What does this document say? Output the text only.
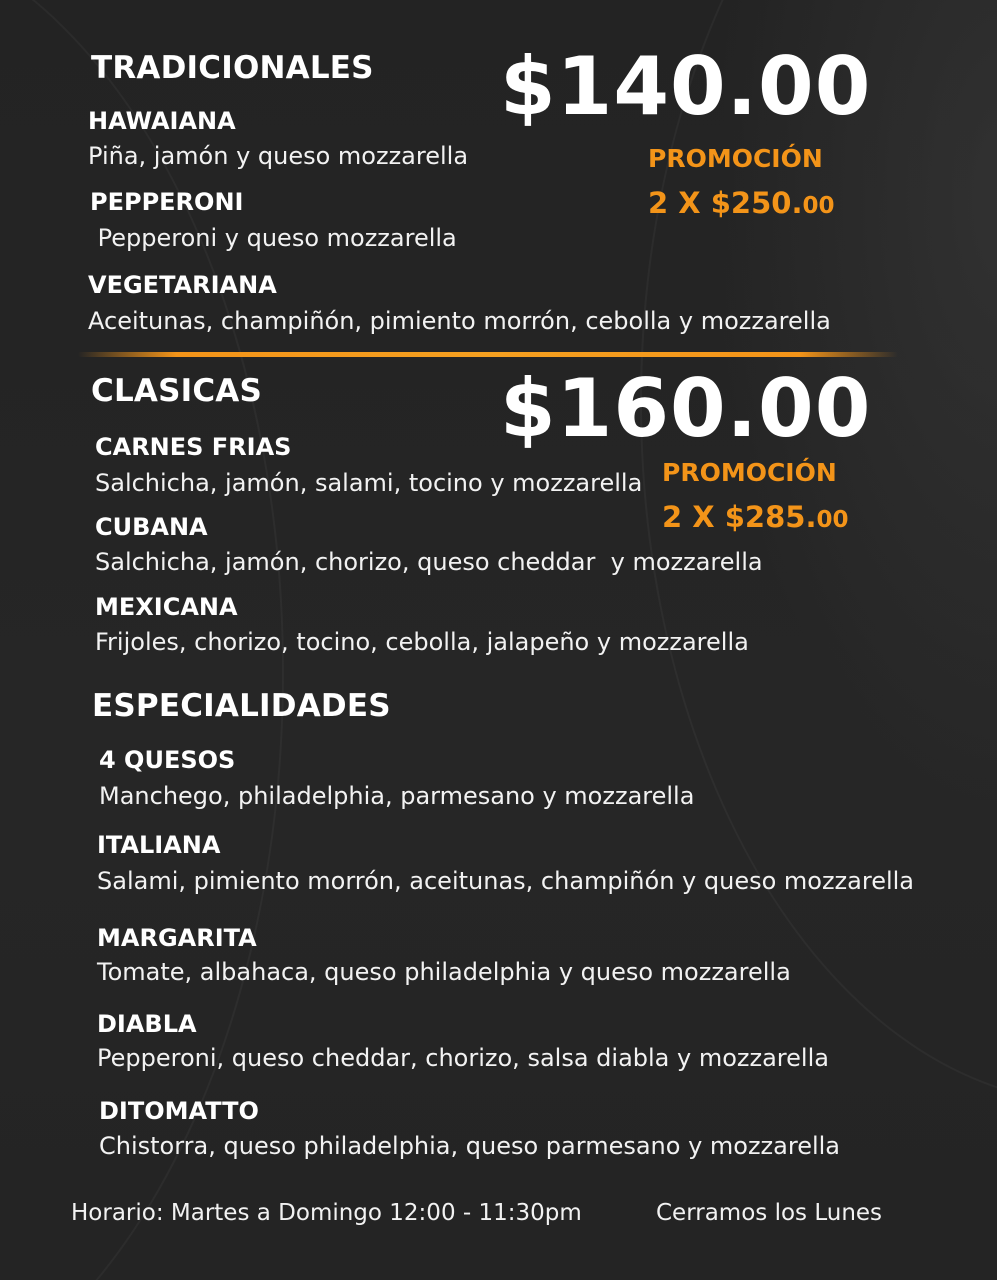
TRADICIONALES $140.00
PROMOCIÓN
2 X $250.00
HAWAIANA
Piña, jamón y queso mozzarella
PEPPERONI
Pepperoni y queso mozzarella
VEGETARIANA
Aceitunas, champiñón, pimiento morrón, cebolla y mozzarella
CLASICAS	$160.00
PROMOCIÓN
2 X $285.00
CARNES FRIAS
Salchicha, jamón, salami, tocino y mozzarella
CUBANA
Salchicha, jamón, chorizo, queso cheddar  y mozzarella
MEXICANA
Frijoles, chorizo, tocino, cebolla, jalapeño y mozzarella
ESPECIALIDADES
4 QUESOS
Manchego, philadelphia, parmesano y mozzarella
ITALIANA
Salami, pimiento morrón, aceitunas, champiñón y queso mozzarella
MARGARITA
Tomate, albahaca, queso philadelphia y queso mozzarella
DIABLA
Pepperoni, queso cheddar, chorizo, salsa diabla y mozzarella
DITOMATTO
Chistorra, queso philadelphia, queso parmesano y mozzarella
Horario: Martes a Domingo 12:00 - 11:30pm	Cerramos los Lunes
